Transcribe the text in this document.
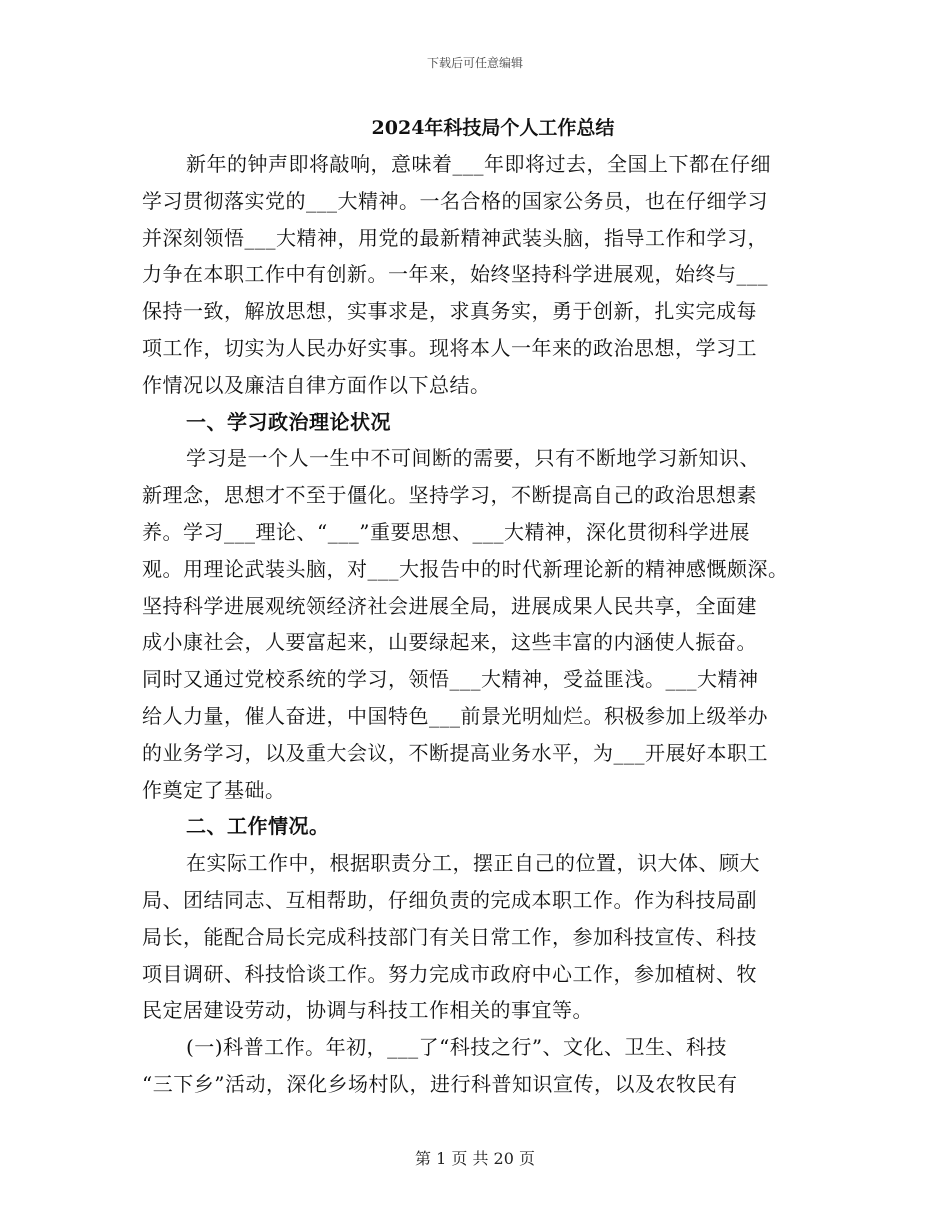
下载后可任意编辑
2024年科技局个人工作总结
新年的钟声即将敲响，意味着___年即将过去，全国上下都在仔细
学习贯彻落实党的___大精神。一名合格的国家公务员，也在仔细学习
并深刻领悟___大精神，用党的最新精神武装头脑，指导工作和学习，
力争在本职工作中有创新。一年来，始终坚持科学进展观，始终与___
保持一致，解放思想，实事求是，求真务实，勇于创新，扎实完成每
项工作，切实为人民办好实事。现将本人一年来的政治思想，学习工
作情况以及廉洁自律方面作以下总结。
一、学习政治理论状况
学习是一个人一生中不可间断的需要，只有不断地学习新知识、
新理念，思想才不至于僵化。坚持学习，不断提高自己的政治思想素
养。学习___理论、“___”重要思想、___大精神，深化贯彻科学进展
观。用理论武装头脑，对___大报告中的时代新理论新的精神感慨颇深。
坚持科学进展观统领经济社会进展全局，进展成果人民共享，全面建
成小康社会，人要富起来，山要绿起来，这些丰富的内涵使人振奋。
同时又通过党校系统的学习，领悟___大精神，受益匪浅。___大精神
给人力量，催人奋进，中国特色___前景光明灿烂。积极参加上级举办
的业务学习，以及重大会议，不断提高业务水平，为___开展好本职工
作奠定了基础。
二、工作情况。
在实际工作中，根据职责分工，摆正自己的位置，识大体、顾大
局、团结同志、互相帮助，仔细负责的完成本职工作。作为科技局副
局长，能配合局长完成科技部门有关日常工作，参加科技宣传、科技
项目调研、科技恰谈工作。努力完成市政府中心工作，参加植树、牧
民定居建设劳动，协调与科技工作相关的事宜等。
(一)科普工作。年初，___了“科技之行”、文化、卫生、科技
“三下乡”活动，深化乡场村队，进行科普知识宣传，以及农牧民有
第 1 页 共 20 页
